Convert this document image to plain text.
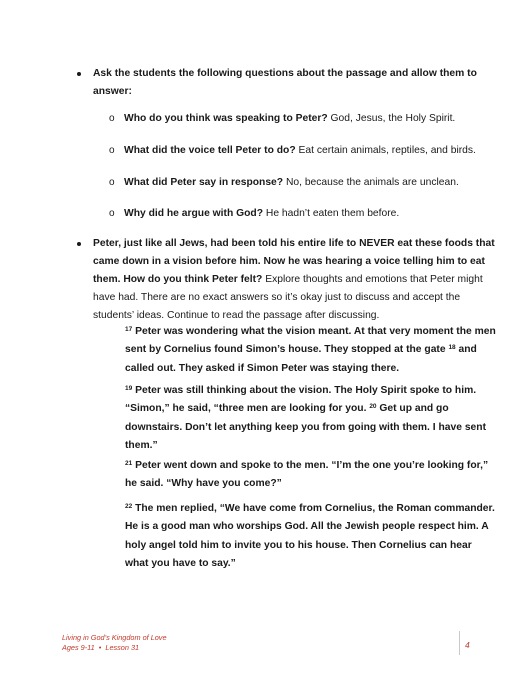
Ask the students the following questions about the passage and allow them to
answer:
o Who do you think was speaking to Peter? God, Jesus, the Holy Spirit.
o What did the voice tell Peter to do? Eat certain animals, reptiles, and birds.
o What did Peter say in response? No, because the animals are unclean.
o Why did he argue with God? He hadn’t eaten them before.
Peter, just like all Jews, had been told his entire life to NEVER eat these foods that
came down in a vision before him. Now he was hearing a voice telling him to eat
them. How do you think Peter felt? Explore thoughts and emotions that Peter might
have had. There are no exact answers so it’s okay just to discuss and accept the
students’ ideas. Continue to read the passage after discussing.
$^{17}$ Peter was wondering what the vision meant. At that very moment the men
sent by Cornelius found Simon’s house. They stopped at the gate $^{18}$ and
called out. They asked if Simon Peter was staying there.
$^{19}$ Peter was still thinking about the vision. The Holy Spirit spoke to him.
“Simon,” he said, “three men are looking for you. $^{20}$ Get up and go
downstairs. Don’t let anything keep you from going with them. I have sent
them.”
$^{21}$ Peter went down and spoke to the men. “I’m the one you’re looking for,”
he said. “Why have you come?”
$^{22}$ The men replied, “We have come from Cornelius, the Roman commander.
He is a good man who worships God. All the Jewish people respect him. A
holy angel told him to invite you to his house. Then Cornelius can hear
what you have to say.”
Living in God’s Kingdom of Love
Ages 9-11  •  Lesson 31	4
